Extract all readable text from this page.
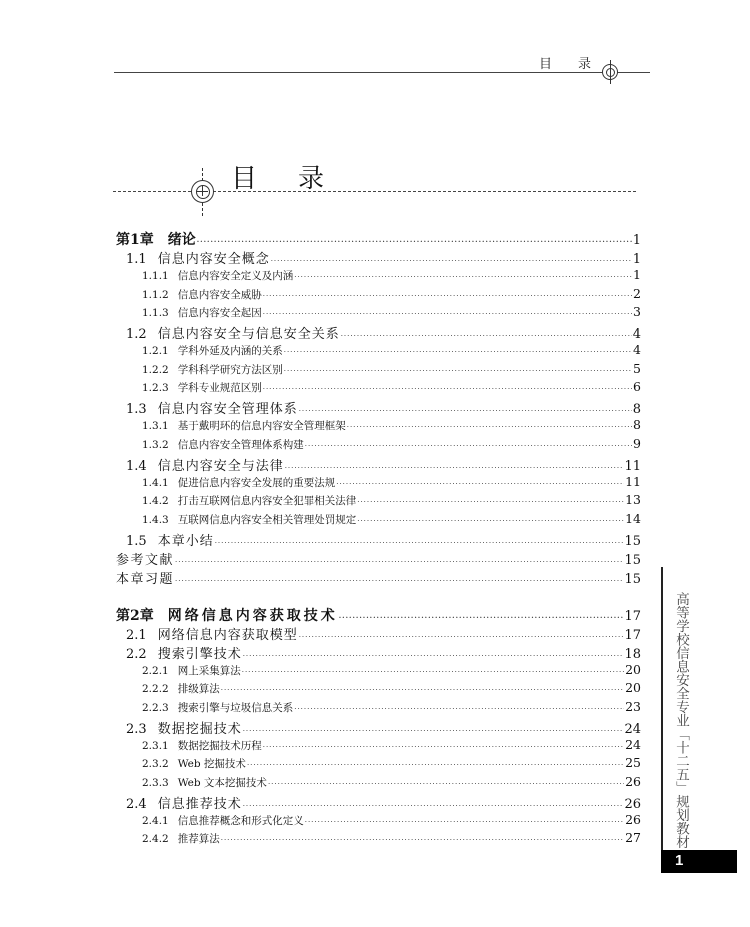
目 录
目 录
第1章 绪论 ·····	1
1.1 信息内容安全概念 ·····	1
1.1.1 信息内容安全定义及内涵 ·····	1
1.1.2 信息内容安全威胁 ·····	2
1.1.3 信息内容安全起因 ·····	3
1.2 信息内容安全与信息安全关系 ·····	4
1.2.1 学科外延及内涵的关系 ·····	4
1.2.2 学科科学研究方法区别 ·····	5
1.2.3 学科专业规范区别 ·····	6
1.3 信息内容安全管理体系 ·····	8
1.3.1 基于戴明环的信息内容安全管理框架 ·····	8
1.3.2 信息内容安全管理体系构建 ·····	9
1.4 信息内容安全与法律 ·····	11
1.4.1 促进信息内容安全发展的重要法规 ·····	11
1.4.2 打击互联网信息内容安全犯罪相关法律 ·····	13
1.4.3 互联网信息内容安全相关管理处罚规定 ·····	14
1.5 本章小结 ·····	15
参考文献 ·····	15
本章习题 ·····	15
第2章 网络信息内容获取技术 ·····	17
2.1 网络信息内容获取模型 ·····	17
2.2 搜索引擎技术 ·····	18
2.2.1 网上采集算法 ·····	20
2.2.2 排级算法 ·····	20
2.2.3 搜索引擎与垃圾信息关系 ·····	23
2.3 数据挖掘技术 ·····	24
2.3.1 数据挖掘技术历程 ·····	24
2.3.2 Web 挖掘技术 ·····	25
2.3.3 Web 文本挖掘技术 ·····	26
2.4 信息推荐技术 ·····	26
2.4.1 信息推荐概念和形式化定义 ·····	26
2.4.2 推荐算法 ·····	27 高等学校信息安全专业「十二五」规划教材
1
